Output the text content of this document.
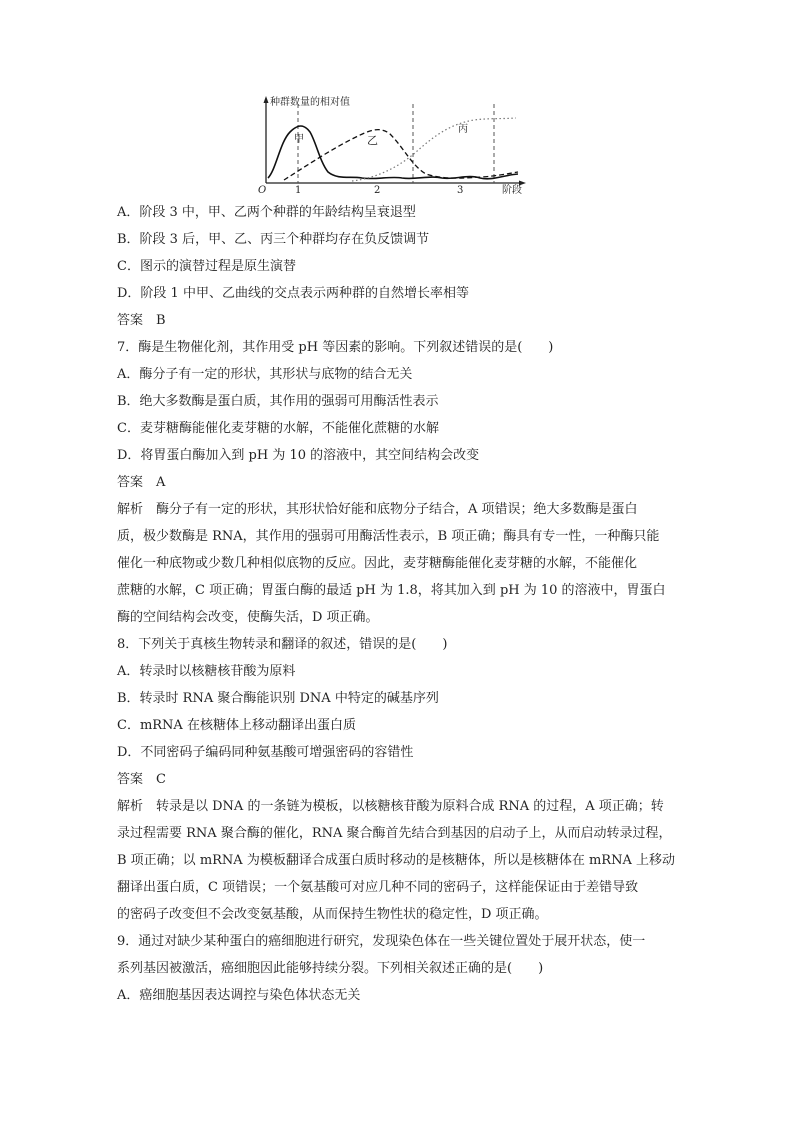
种群数量的相对值
O	1	2	3	阶段
甲	乙
丙
A．阶段 3 中，甲、乙两个种群的年龄结构呈衰退型
B．阶段 3 后，甲、乙、丙三个种群均存在负反馈调节
C．图示的演替过程是原生演替
D．阶段 1 中甲、乙曲线的交点表示两种群的自然增长率相等
答案　B
7．酶是生物催化剂，其作用受 pH 等因素的影响。下列叙述错误的是(　　)
A．酶分子有一定的形状，其形状与底物的结合无关
B．绝大多数酶是蛋白质，其作用的强弱可用酶活性表示
C．麦芽糖酶能催化麦芽糖的水解，不能催化蔗糖的水解
D．将胃蛋白酶加入到 pH 为 10 的溶液中，其空间结构会改变
答案　A
解析　酶分子有一定的形状，其形状恰好能和底物分子结合，A 项错误；绝大多数酶是蛋白
质，极少数酶是 RNA，其作用的强弱可用酶活性表示，B 项正确；酶具有专一性，一种酶只能
催化一种底物或少数几种相似底物的反应。因此，麦芽糖酶能催化麦芽糖的水解，不能催化
蔗糖的水解，C 项正确；胃蛋白酶的最适 pH 为 1.8，将其加入到 pH 为 10 的溶液中，胃蛋白
酶的空间结构会改变，使酶失活，D 项正确。
8．下列关于真核生物转录和翻译的叙述，错误的是(　　)
A．转录时以核糖核苷酸为原料
B．转录时 RNA 聚合酶能识别 DNA 中特定的碱基序列
C．mRNA 在核糖体上移动翻译出蛋白质
D．不同密码子编码同种氨基酸可增强密码的容错性
答案　C
解析　转录是以 DNA 的一条链为模板，以核糖核苷酸为原料合成 RNA 的过程，A 项正确；转
录过程需要 RNA 聚合酶的催化，RNA 聚合酶首先结合到基因的启动子上，从而启动转录过程，
B 项正确；以 mRNA 为模板翻译合成蛋白质时移动的是核糖体，所以是核糖体在 mRNA 上移动
翻译出蛋白质，C 项错误；一个氨基酸可对应几种不同的密码子，这样能保证由于差错导致
的密码子改变但不会改变氨基酸，从而保持生物性状的稳定性，D 项正确。
9．通过对缺少某种蛋白的癌细胞进行研究，发现染色体在一些关键位置处于展开状态，使一
系列基因被激活，癌细胞因此能够持续分裂。下列相关叙述正确的是(　　)
A．癌细胞基因表达调控与染色体状态无关
